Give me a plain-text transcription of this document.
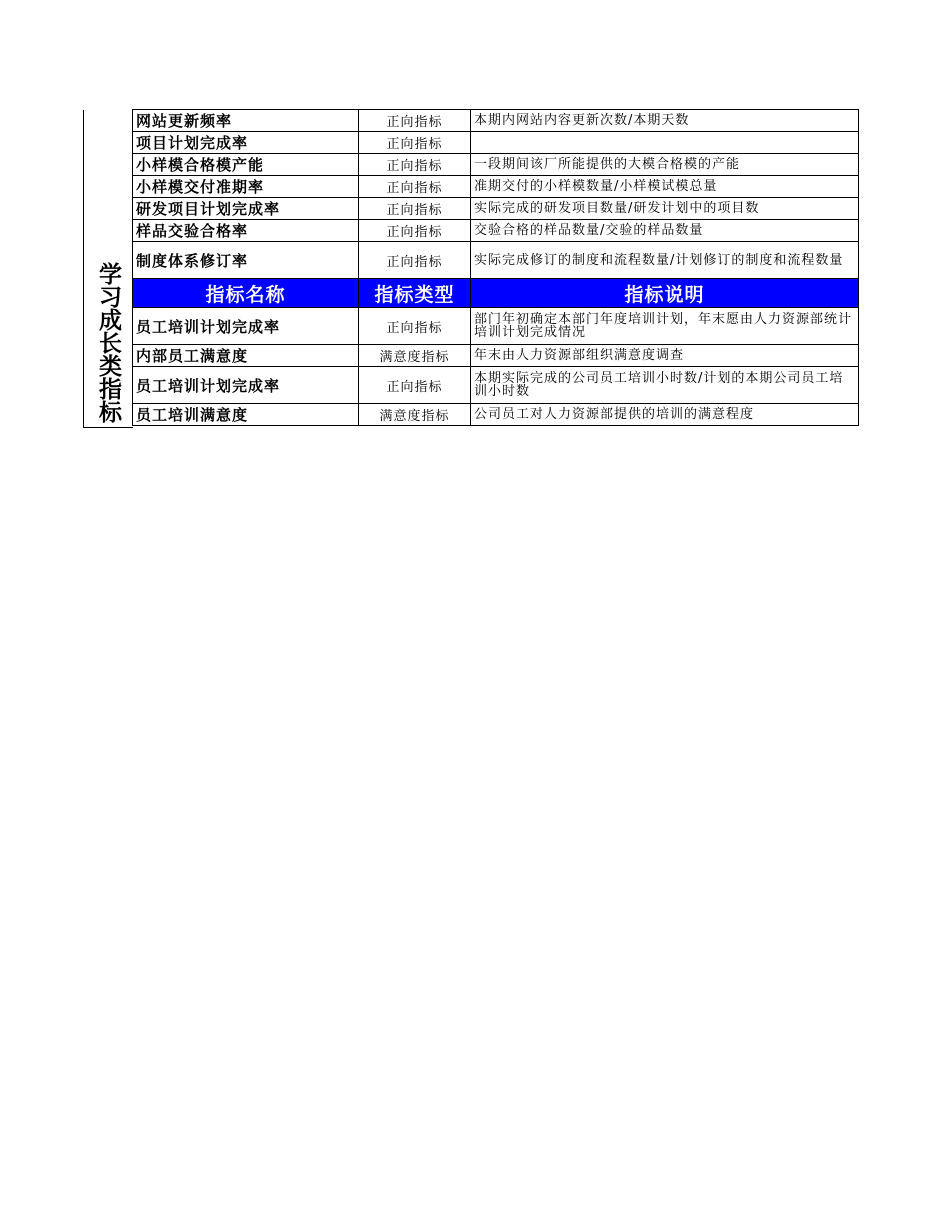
学习成长类指标
网站更新频率	正向指标	本期内网站内容更新次数/本期天数
项目计划完成率	正向指标	
小样模合格模产能	正向指标	一段期间该厂所能提供的大模合格模的产能
小样模交付准期率	正向指标	准期交付的小样模数量/小样模试模总量
研发项目计划完成率	正向指标	实际完成的研发项目数量/研发计划中的项目数
样品交验合格率	正向指标	交验合格的样品数量/交验的样品数量
制度体系修订率	正向指标	实际完成修订的制度和流程数量/计划修订的制度和流程数量
指标名称	指标类型	指标说明
员工培训计划完成率	正向指标	部门年初确定本部门年度培训计划，年末愿由人力资源部统计培训计划完成情况
内部员工满意度	满意度指标	年末由人力资源部组织满意度调查
员工培训计划完成率	正向指标	本期实际完成的公司员工培训小时数/计划的本期公司员工培训小时数
员工培训满意度	满意度指标	公司员工对人力资源部提供的培训的满意程度
